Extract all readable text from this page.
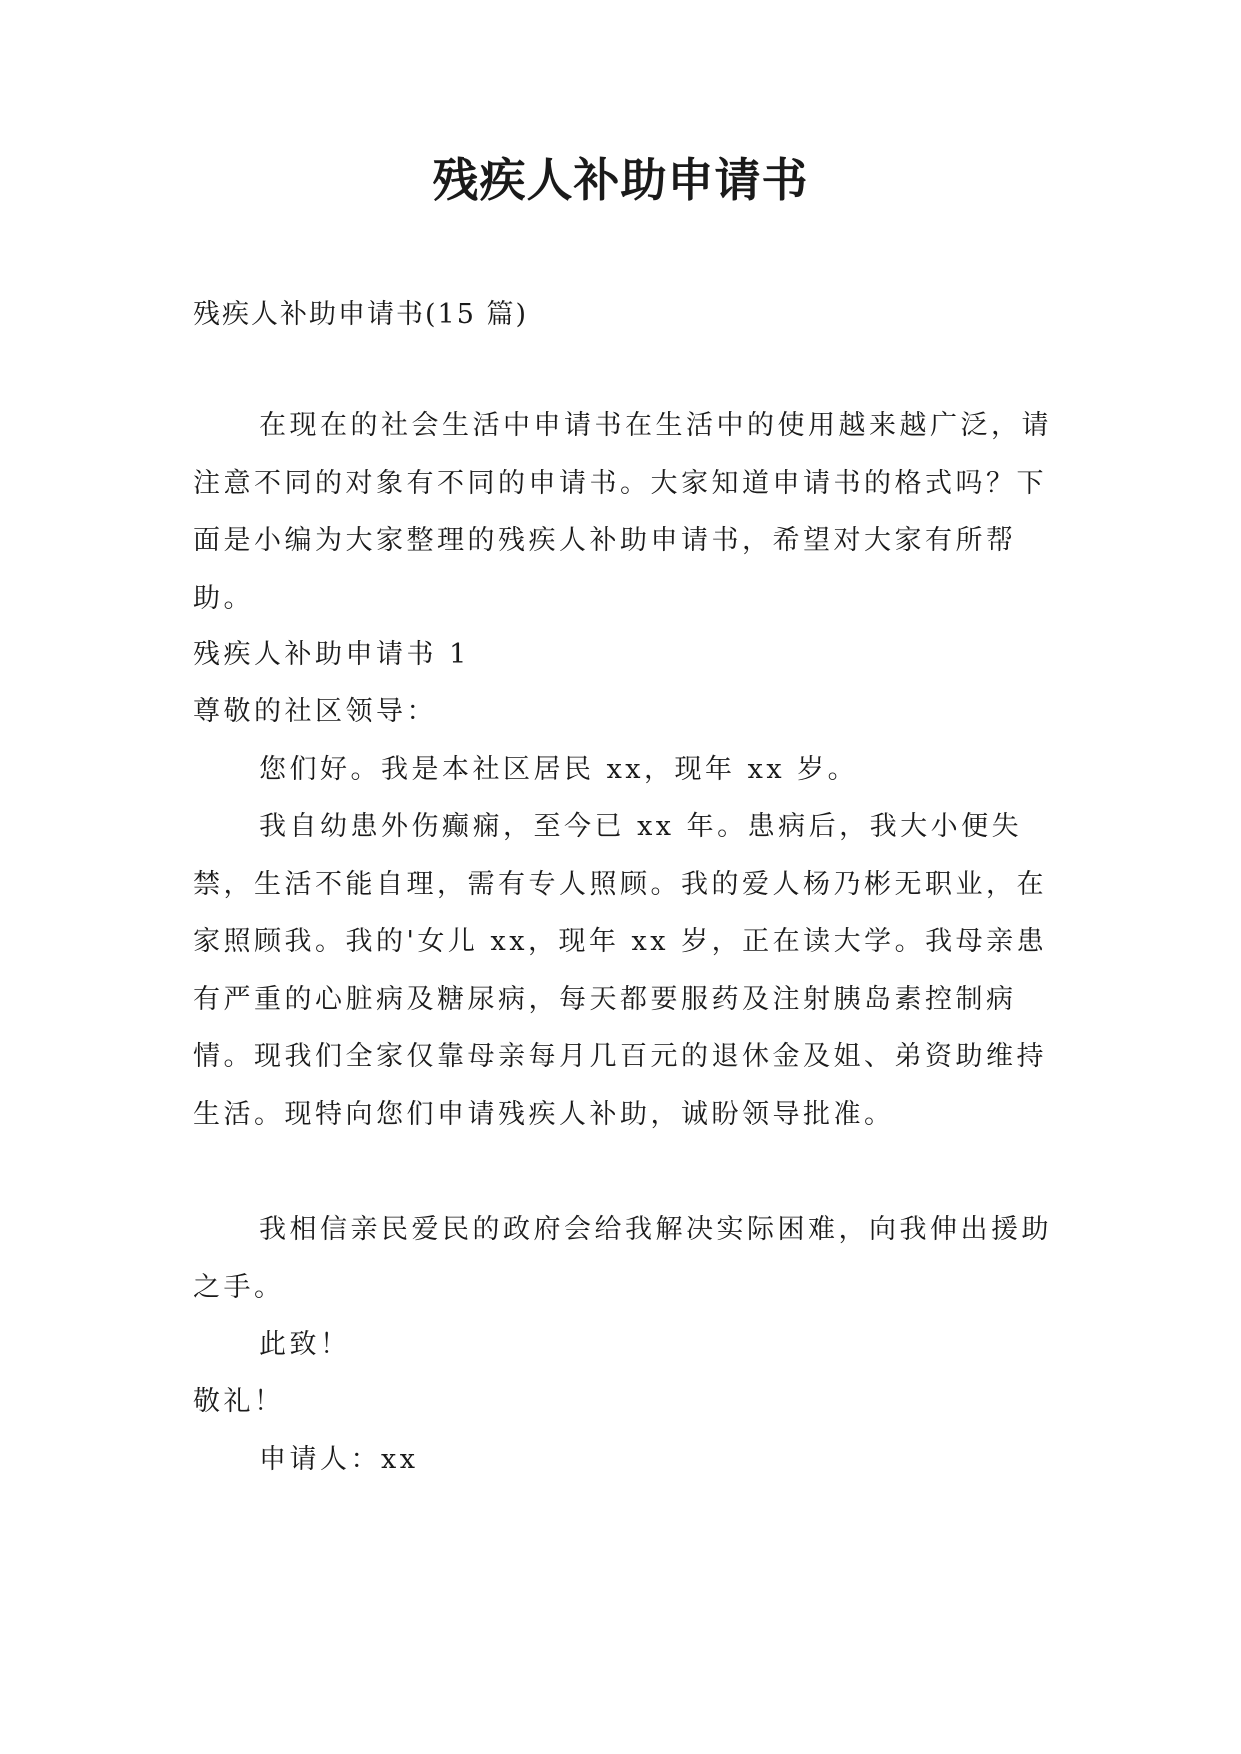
残疾人补助申请书
残疾人补助申请书(15 篇)

在现在的社会生活中申请书在生活中的使用越来越广泛，请注意不同的对象有不同的申请书。大家知道申请书的格式吗？下面是小编为大家整理的残疾人补助申请书，希望对大家有所帮助。

残疾人补助申请书 1
尊敬的社区领导：
您们好。我是本社区居民 xx，现年 xx 岁。

我自幼患外伤癫痫，至今已 xx 年。患病后，我大小便失禁，生活不能自理，需有专人照顾。我的爱人杨乃彬无职业，在家照顾我。我的'女儿 xx，现年 xx 岁，正在读大学。我母亲患有严重的心脏病及糖尿病，每天都要服药及注射胰岛素控制病情。现我们全家仅靠母亲每月几百元的退休金及姐、弟资助维持生活。现特向您们申请残疾人补助，诚盼领导批准。

我相信亲民爱民的政府会给我解决实际困难，向我伸出援助之手。

此致！
敬礼！
申请人：xx
